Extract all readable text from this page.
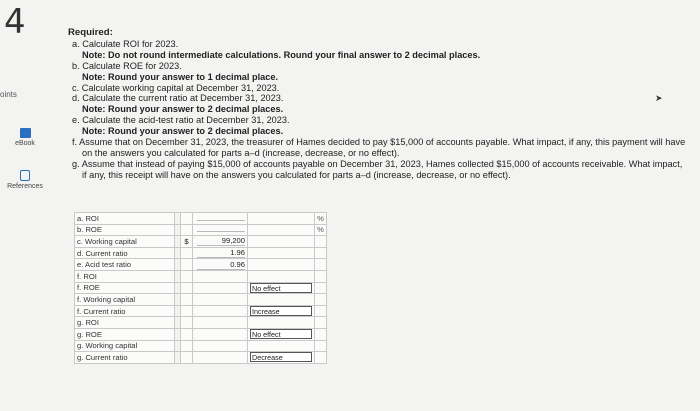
4
oints
eBook
References
Required:
a. Calculate ROI for 2023.
Note: Do not round intermediate calculations. Round your final answer to 2 decimal places.
b. Calculate ROE for 2023.
Note: Round your answer to 1 decimal place.
c. Calculate working capital at December 31, 2023.
d. Calculate the current ratio at December 31, 2023.
Note: Round your answer to 2 decimal places.
e. Calculate the acid-test ratio at December 31, 2023.
Note: Round your answer to 2 decimal places.
f. Assume that on December 31, 2023, the treasurer of Hames decided to pay $15,000 of accounts payable. What impact, if any, this payment will have on the answers you calculated for parts a–d (increase, decrease, or no effect).
g. Assume that instead of paying $15,000 of accounts payable on December 31, 2023, Hames collected $15,000 of accounts receivable. What impact, if any, this receipt will have on the answers you calculated for parts a–d (increase, decrease, or no effect).
➤
a. ROI					%
b. ROE					%
c. Working capital		$	99,200		
d. Current ratio			1.96		
e. Acid test ratio			0.96		
f. ROI					
f. ROE				No effect	
f. Working capital					
f. Current ratio				Increase	
g. ROI					
g. ROE				No effect	
g. Working capital					
g. Current ratio				Decrease	
